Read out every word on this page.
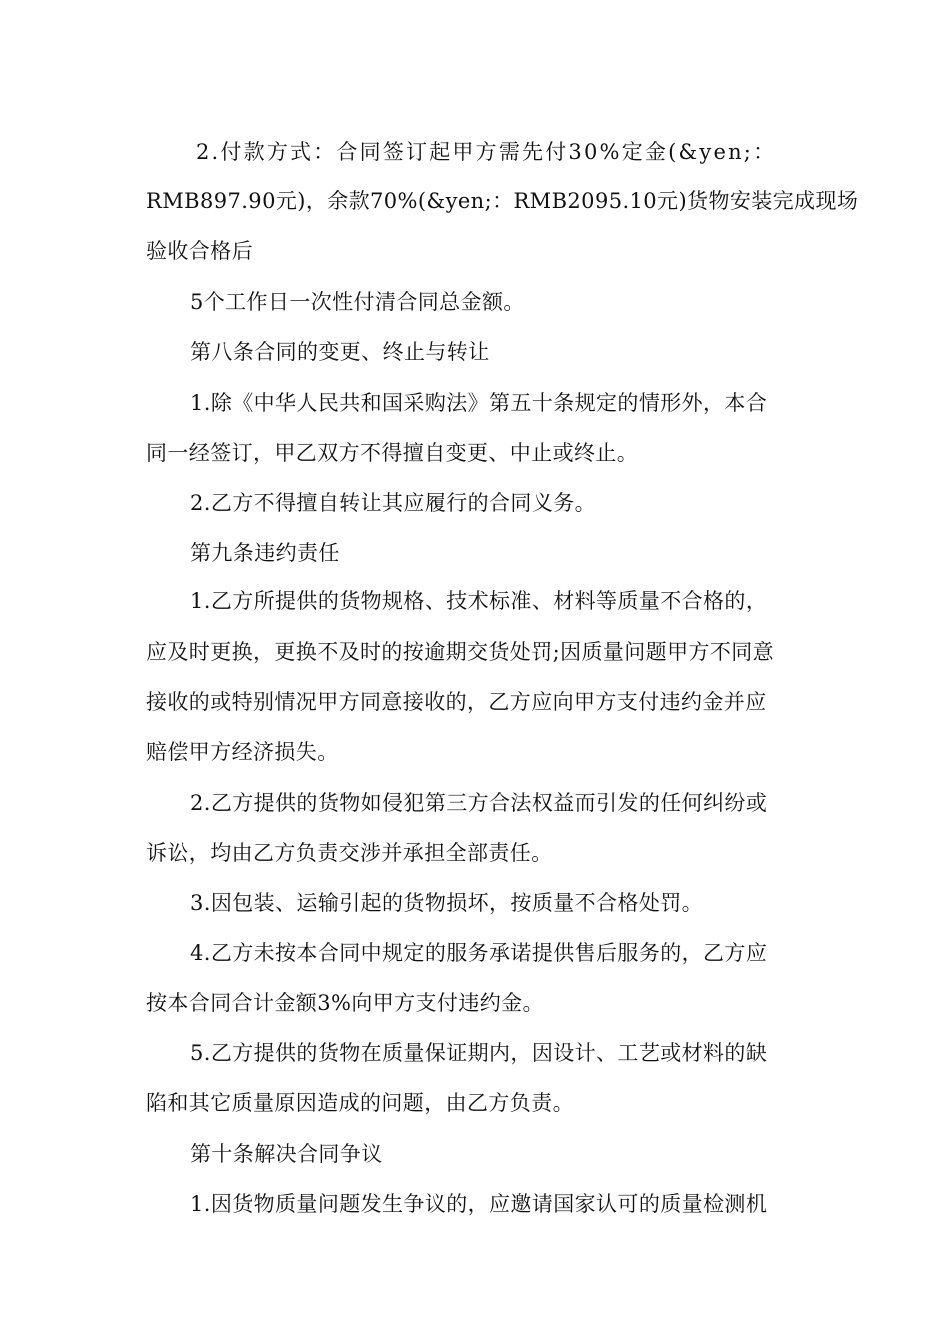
2.付款方式：合同签订起甲方需先付30%定金(&yen;：
RMB897.90元)，余款70%(&yen;：RMB2095.10元)货物安装完成现场
验收合格后
5个工作日一次性付清合同总金额。
第八条合同的变更、终止与转让
1.除《中华人民共和国采购法》第五十条规定的情形外，本合
同一经签订，甲乙双方不得擅自变更、中止或终止。
2.乙方不得擅自转让其应履行的合同义务。
第九条违约责任
1.乙方所提供的货物规格、技术标准、材料等质量不合格的，
应及时更换，更换不及时的按逾期交货处罚;因质量问题甲方不同意
接收的或特别情况甲方同意接收的，乙方应向甲方支付违约金并应
赔偿甲方经济损失。
2.乙方提供的货物如侵犯第三方合法权益而引发的任何纠纷或
诉讼，均由乙方负责交涉并承担全部责任。
3.因包装、运输引起的货物损坏，按质量不合格处罚。
4.乙方未按本合同中规定的服务承诺提供售后服务的，乙方应
按本合同合计金额3%向甲方支付违约金。
5.乙方提供的货物在质量保证期内，因设计、工艺或材料的缺
陷和其它质量原因造成的问题，由乙方负责。
第十条解决合同争议
1.因货物质量问题发生争议的，应邀请国家认可的质量检测机
